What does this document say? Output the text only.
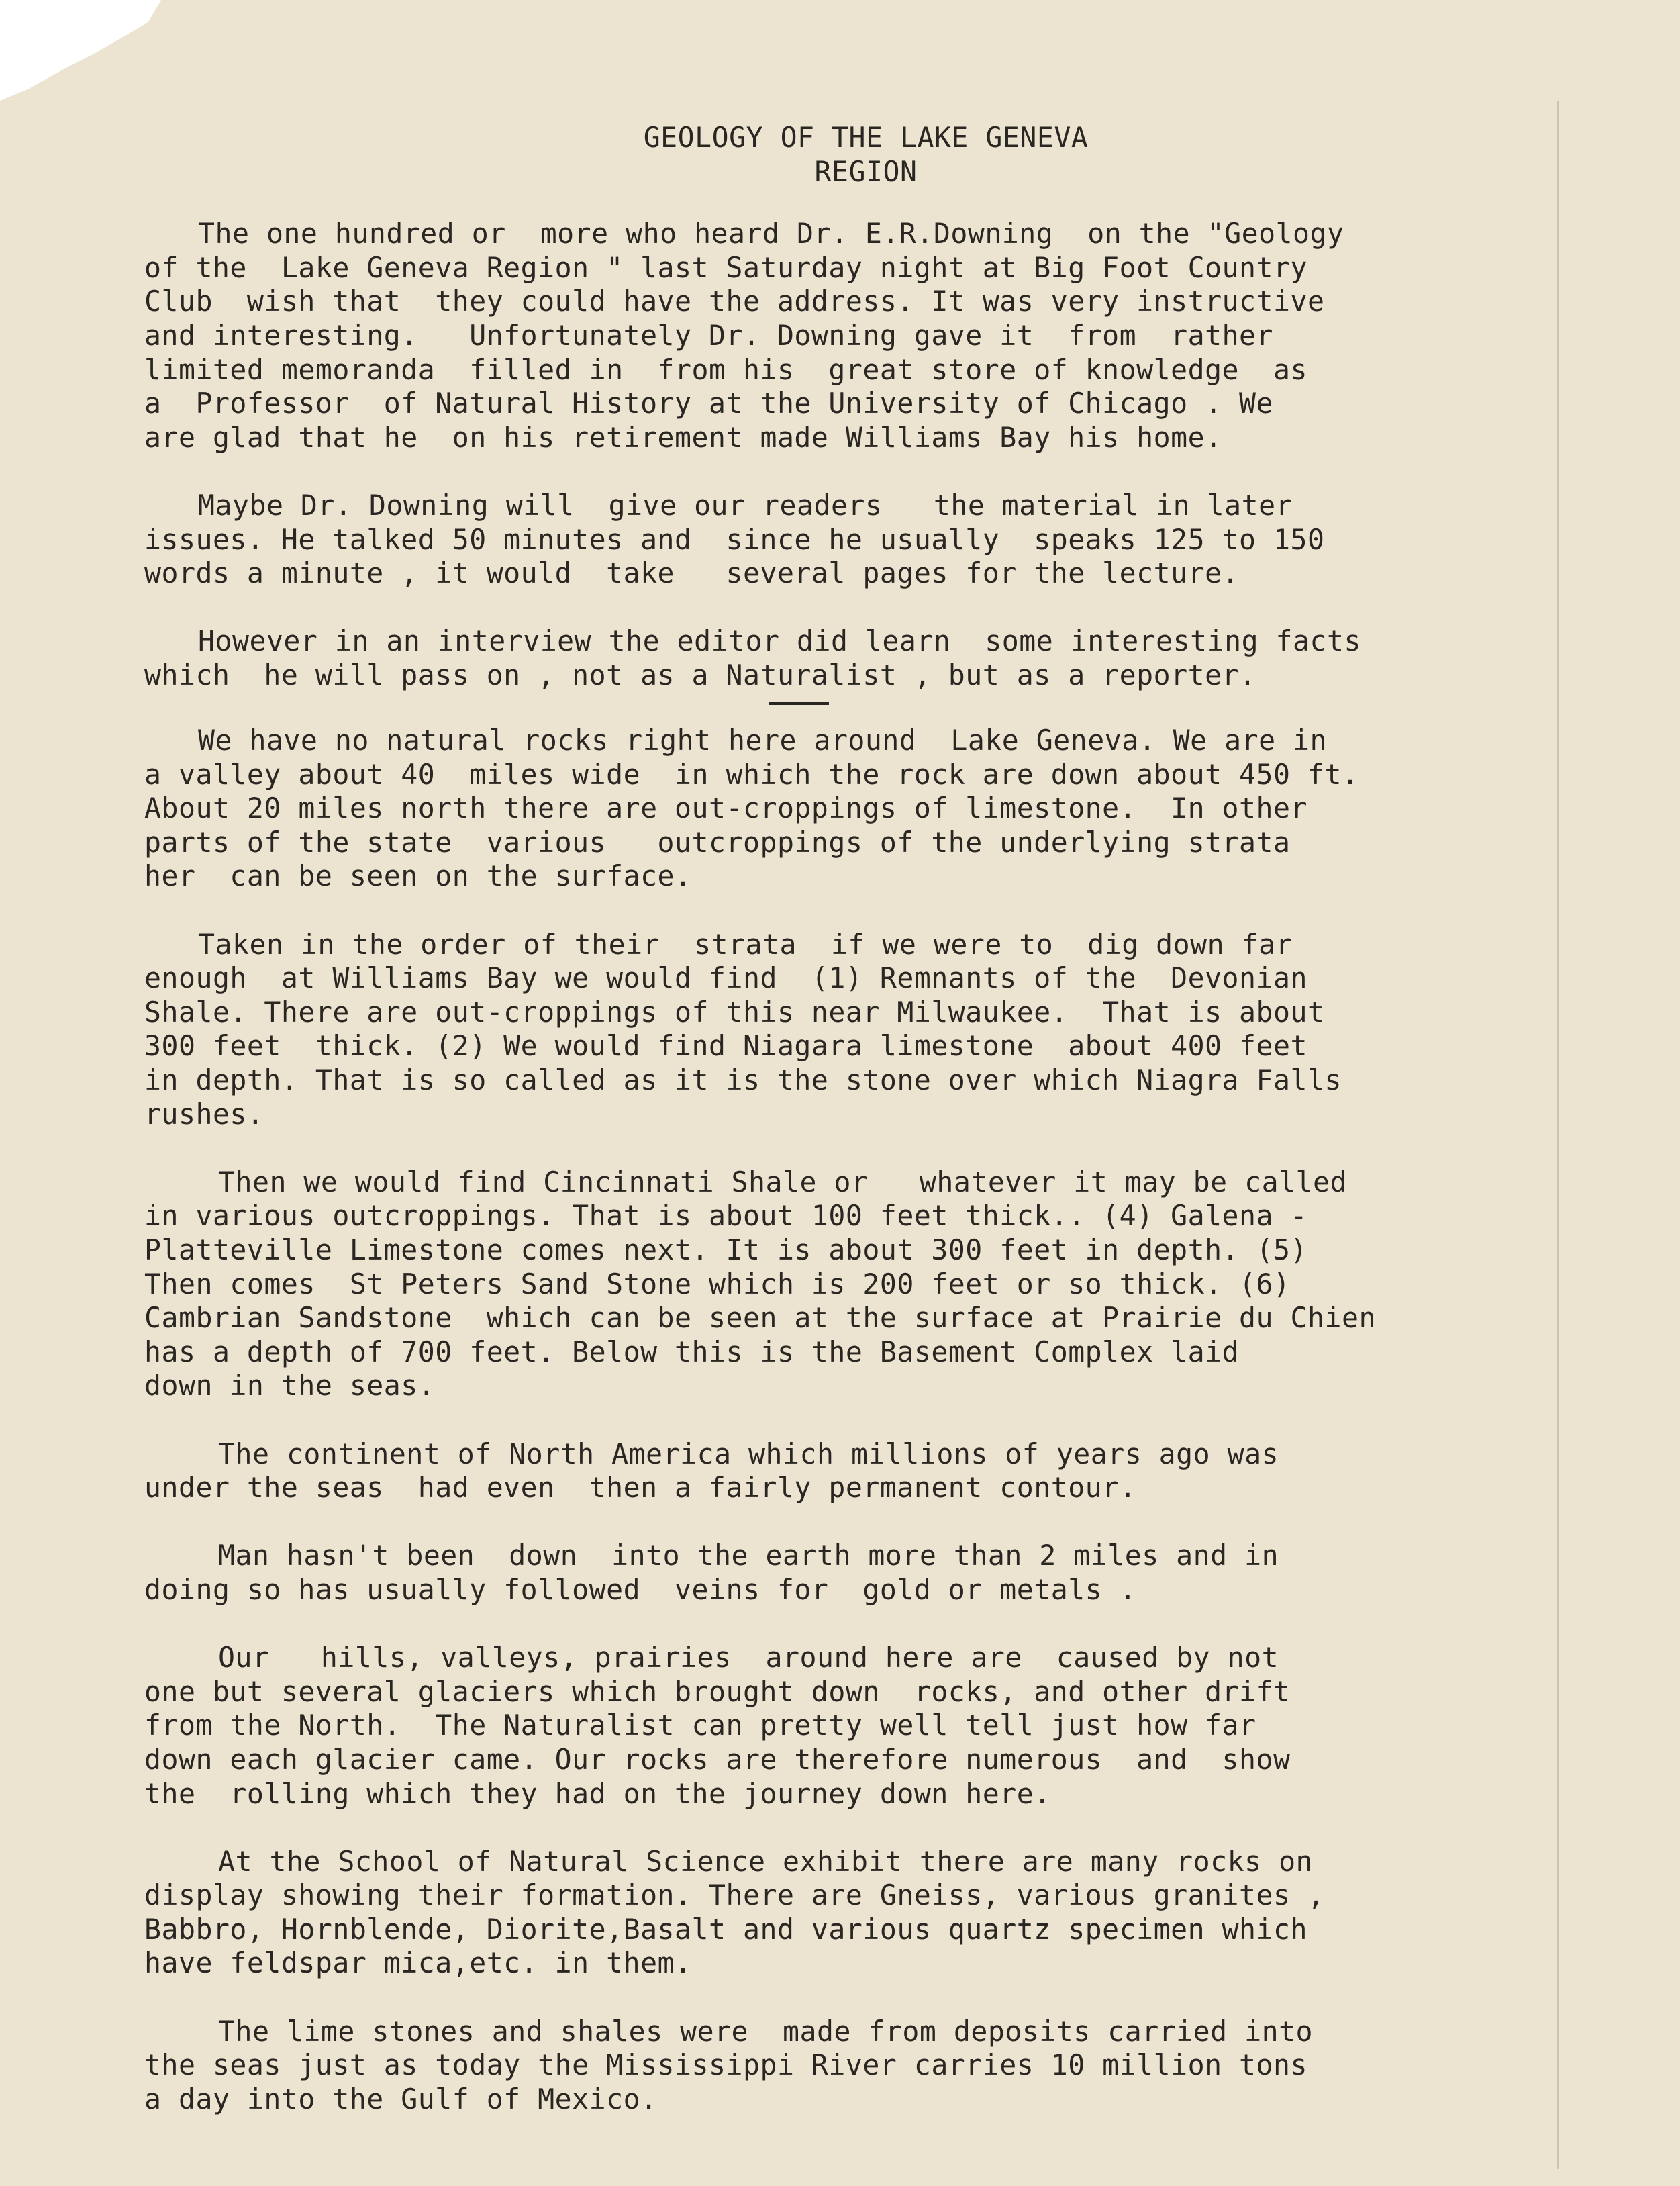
GEOLOGY OF THE LAKE GENEVA
REGION
The one hundred or  more who heard Dr. E.R.Downing  on the "Geology
of the  Lake Geneva Region " last Saturday night at Big Foot Country
Club  wish that  they could have the address. It was very instructive
and interesting.   Unfortunately Dr. Downing gave it  from  rather
limited memoranda  filled in  from his  great store of knowledge  as
a  Professor  of Natural History at the University of Chicago . We
are glad that he  on his retirement made Williams Bay his home.
Maybe Dr. Downing will  give our readers   the material in later
issues. He talked 50 minutes and  since he usually  speaks 125 to 150
words a minute , it would  take   several pages for the lecture.
However in an interview the editor did learn  some interesting facts
which  he will pass on , not as a Naturalist , but as a reporter.
We have no natural rocks right here around  Lake Geneva. We are in
a valley about 40  miles wide  in which the rock are down about 450 ft.
About 20 miles north there are out-croppings of limestone.  In other
parts of the state  various   outcroppings of the underlying strata
her  can be seen on the surface.
Taken in the order of their  strata  if we were to  dig down far
enough  at Williams Bay we would find  (1) Remnants of the  Devonian
Shale. There are out-croppings of this near Milwaukee.  That is about
300 feet  thick. (2) We would find Niagara limestone  about 400 feet
in depth. That is so called as it is the stone over which Niagra Falls
rushes.
Then we would find Cincinnati Shale or   whatever it may be called
in various outcroppings. That is about 100 feet thick.. (4) Galena -
Platteville Limestone comes next. It is about 300 feet in depth. (5)
Then comes  St Peters Sand Stone which is 200 feet or so thick. (6)
Cambrian Sandstone  which can be seen at the surface at Prairie du Chien
has a depth of 700 feet. Below this is the Basement Complex laid
down in the seas.
The continent of North America which millions of years ago was
under the seas  had even  then a fairly permanent contour.
Man hasn't been  down  into the earth more than 2 miles and in
doing so has usually followed  veins for  gold or metals .
Our   hills, valleys, prairies  around here are  caused by not
one but several glaciers which brought down  rocks, and other drift
from the North.  The Naturalist can pretty well tell just how far
down each glacier came. Our rocks are therefore numerous  and  show
the  rolling which they had on the journey down here.
At the School of Natural Science exhibit there are many rocks on
display showing their formation. There are Gneiss, various granites ,
Babbro, Hornblende, Diorite,Basalt and various quartz specimen which
have feldspar mica,etc. in them.
The lime stones and shales were  made from deposits carried into
the seas just as today the Mississippi River carries 10 million tons
a day into the Gulf of Mexico.
